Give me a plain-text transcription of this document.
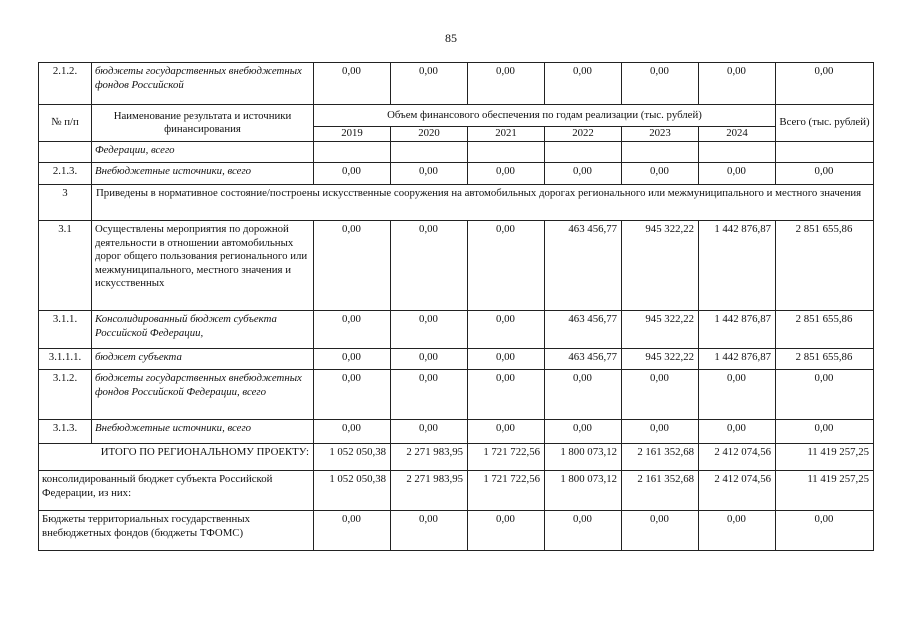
85
2.1.2.	бюджеты государственных внебюджетных фондов Российской	0,00	0,00	0,00	0,00	0,00	0,00	0,00
№ п/п	Наименование результата и источники финансирования	Объем финансового обеспечения по годам реализации (тыс. рублей)						Всего (тыс. рублей)
		2019	2020	2021	2022	2023	2024	
	Федерации, всего							
2.1.3.	Внебюджетные источники, всего	0,00	0,00	0,00	0,00	0,00	0,00	0,00
3	Приведены в нормативное состояние/построены искусственные сооружения на автомобильных дорогах регионального или межмуниципального и местного значения							
3.1	Осуществлены мероприятия по дорожной деятельности в отношении автомобильных дорог общего пользования регионального или межмуниципального, местного значения и искусственных	0,00	0,00	0,00	463 456,77	945 322,22	1 442 876,87	2 851 655,86
3.1.1.	Консолидированный бюджет субъекта Российской Федерации,	0,00	0,00	0,00	463 456,77	945 322,22	1 442 876,87	2 851 655,86
3.1.1.1.	бюджет субъекта	0,00	0,00	0,00	463 456,77	945 322,22	1 442 876,87	2 851 655,86
3.1.2.	бюджеты государственных внебюджетных фондов Российской Федерации, всего	0,00	0,00	0,00	0,00	0,00	0,00	0,00
3.1.3.	Внебюджетные источники, всего	0,00	0,00	0,00	0,00	0,00	0,00	0,00
ИТОГО ПО РЕГИОНАЛЬНОМУ ПРОЕКТУ:		1 052 050,38	2 271 983,95	1 721 722,56	1 800 073,12	2 161 352,68	2 412 074,56	11 419 257,25
консолидированный бюджет субъекта Российской Федерации, из них:		1 052 050,38	2 271 983,95	1 721 722,56	1 800 073,12	2 161 352,68	2 412 074,56	11 419 257,25
Бюджеты территориальных государственных внебюджетных фондов (бюджеты ТФОМС)		0,00	0,00	0,00	0,00	0,00	0,00	0,00
